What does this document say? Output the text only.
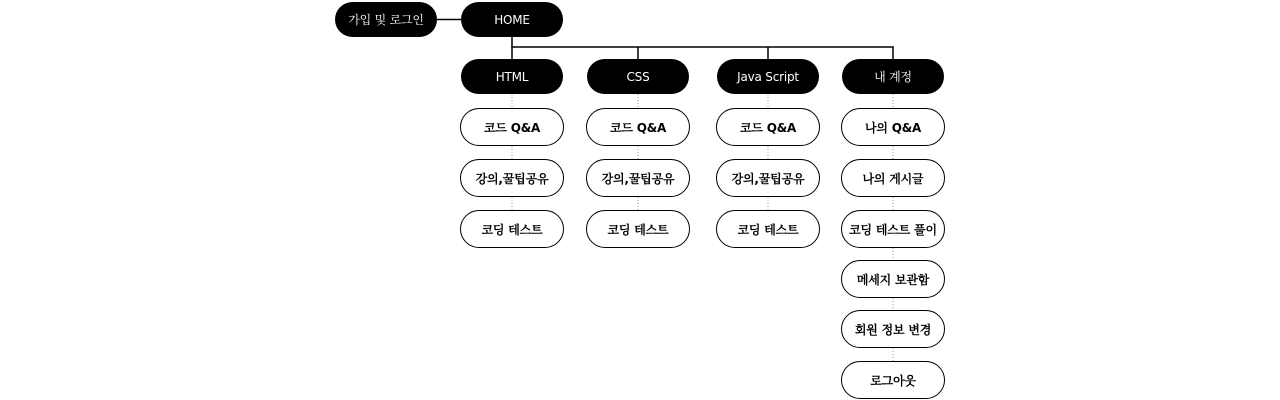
가입 및 로그인	HOME
HTML	CSS	Java Script	내 계정
코드 Q&A
강의,꿀팁공유
코딩 테스트
코드 Q&A
강의,꿀팁공유
코딩 테스트
코드 Q&A
강의,꿀팁공유
코딩 테스트
나의 Q&A
나의 게시글
코딩 테스트 풀이
메세지 보관함
회원 정보 변경
로그아웃
